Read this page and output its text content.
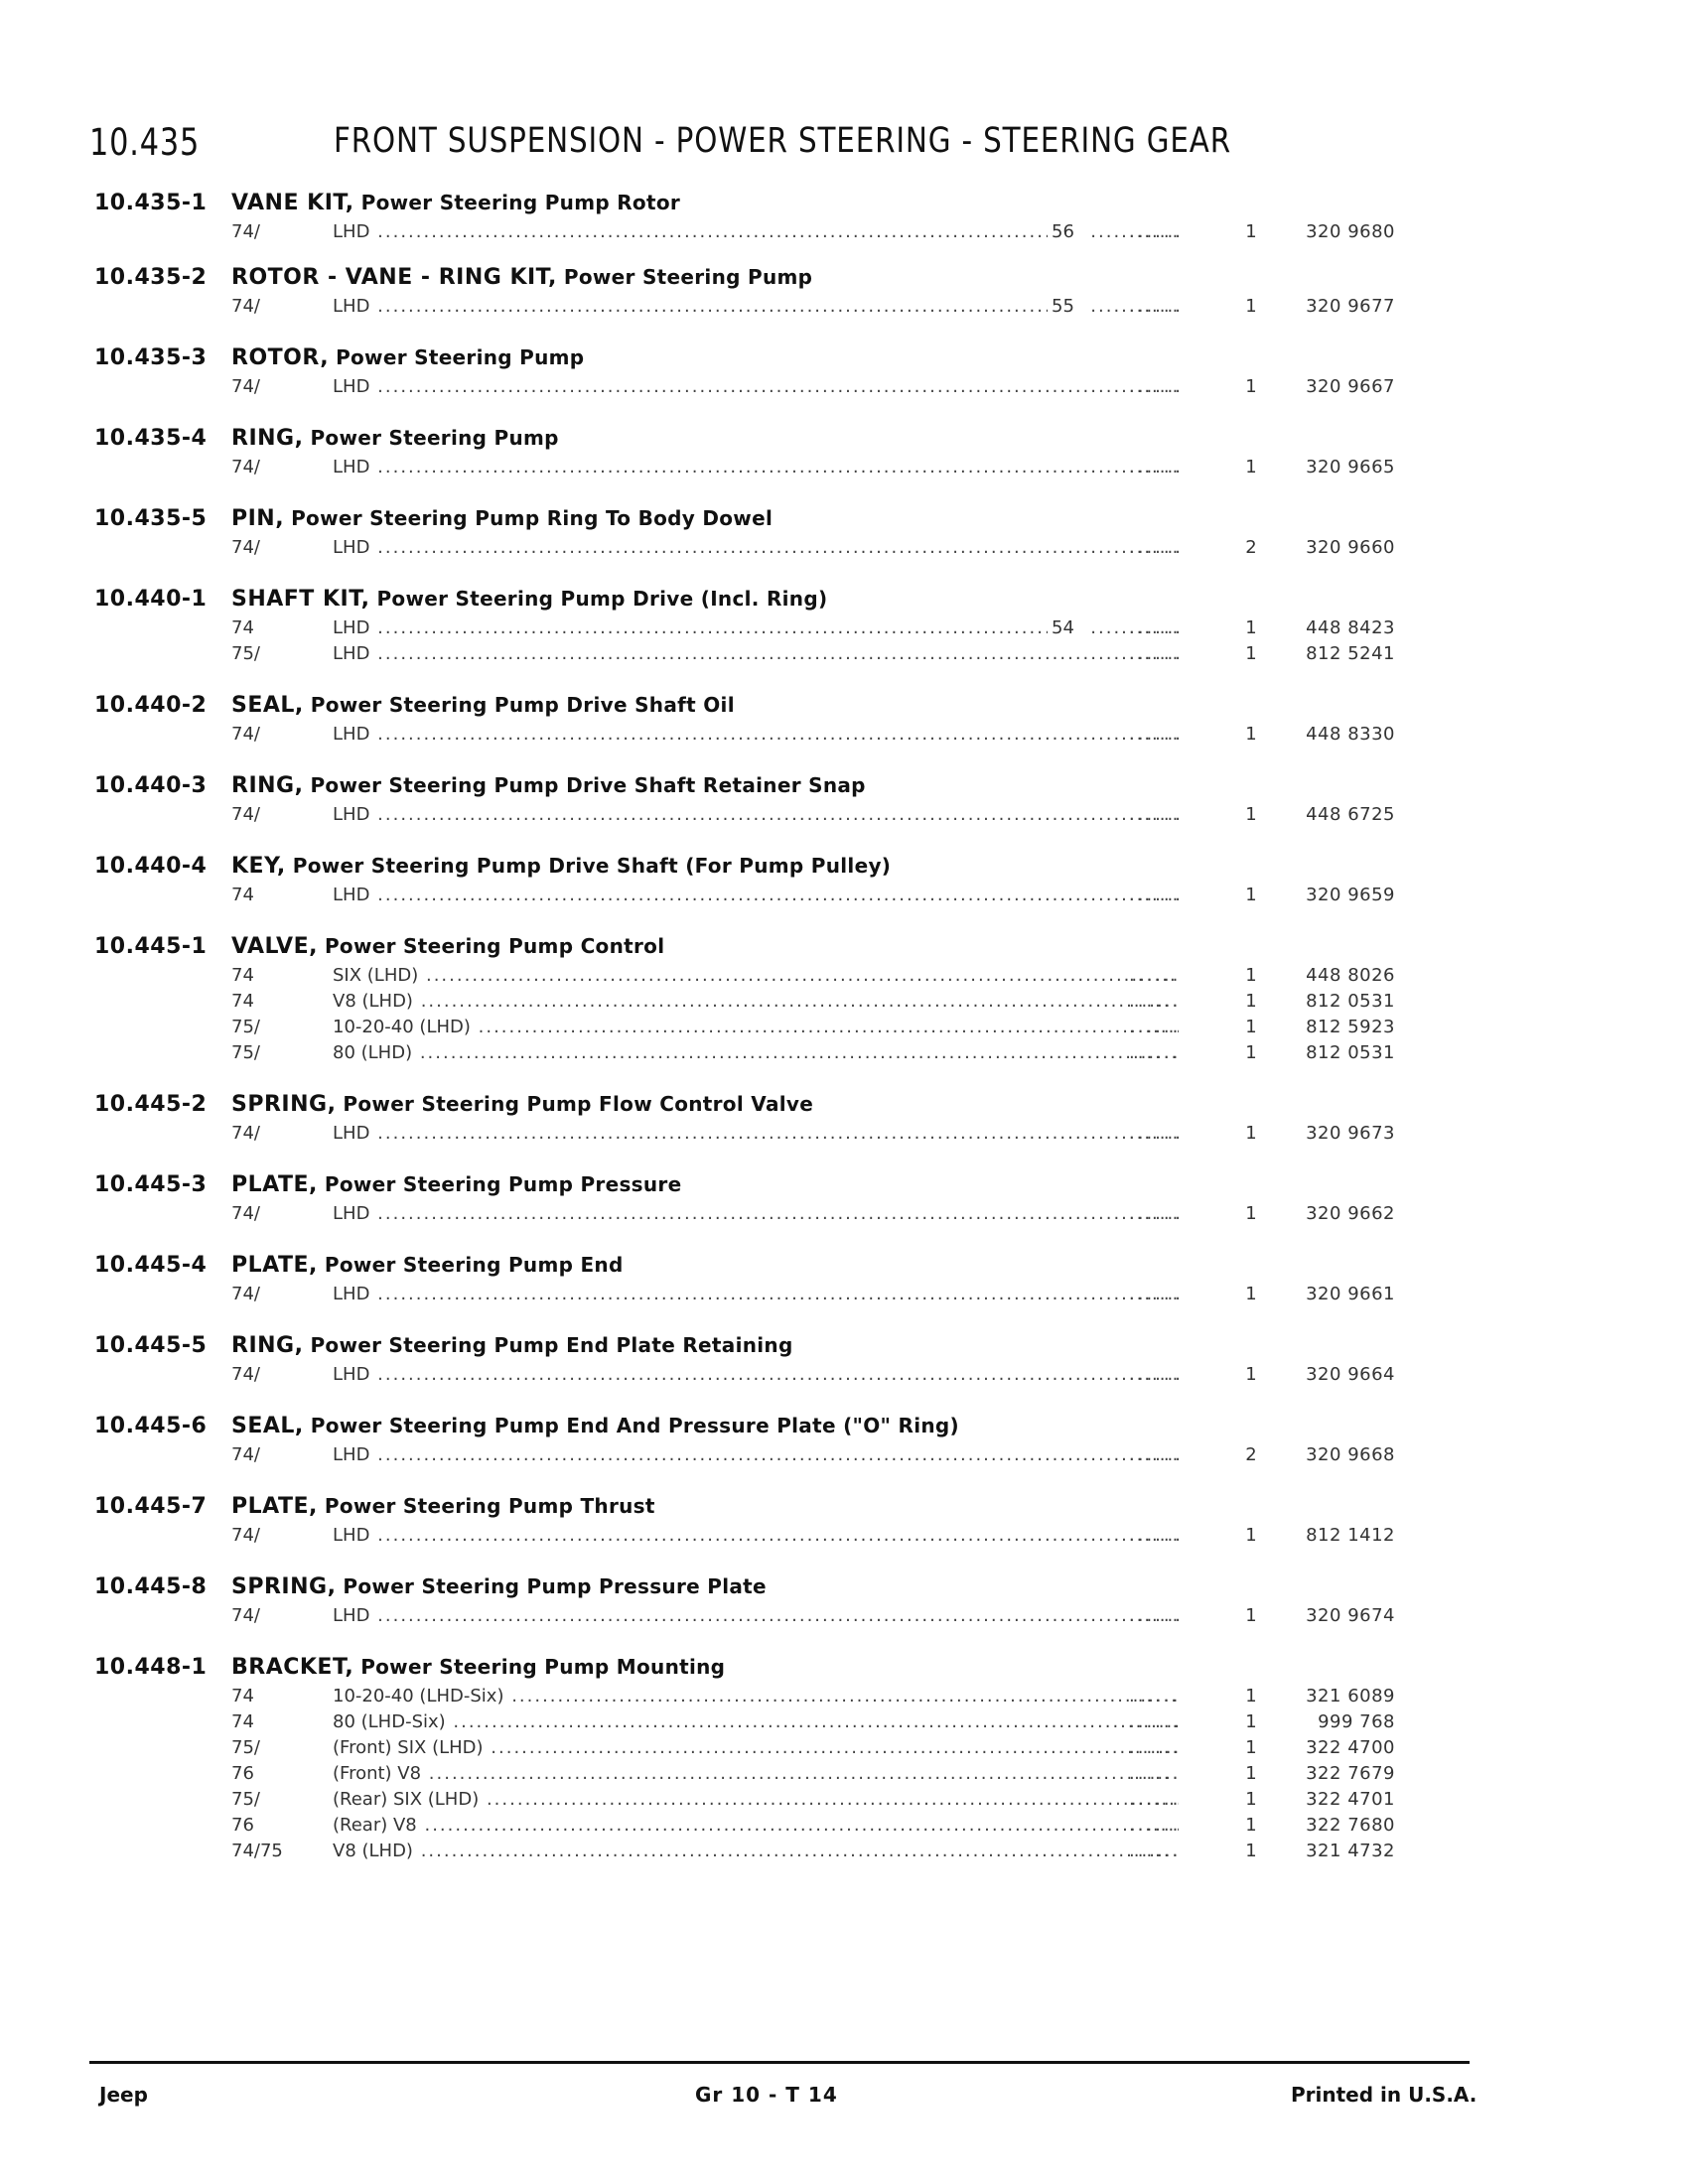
10.435	FRONT SUSPENSION - POWER STEERING - STEERING GEAR
10.435-1 VANE KIT, Power Steering Pump Rotor
74/	LHD .....	56	......	1	320 9680
10.435-2 ROTOR - VANE - RING KIT, Power Steering Pump
74/	LHD .....	55	......	1	320 9677
10.435-3 ROTOR, Power Steering Pump
74/	LHD .....	......	1	320 9667
10.435-4 RING, Power Steering Pump
74/	LHD .....	......	1	320 9665
10.435-5 PIN, Power Steering Pump Ring To Body Dowel
74/	LHD .....	......	2	320 9660
10.440-1 SHAFT KIT, Power Steering Pump Drive (Incl. Ring)
74	LHD .....	54	......	1	448 8423
75/	LHD .....	......	1	812 5241
10.440-2 SEAL, Power Steering Pump Drive Shaft Oil
74/	LHD .....	......	1	448 8330
10.440-3 RING, Power Steering Pump Drive Shaft Retainer Snap
74/	LHD .....	......	1	448 6725
10.440-4 KEY, Power Steering Pump Drive Shaft (For Pump Pulley)
74	LHD .....	......	1	320 9659
10.445-1 VALVE, Power Steering Pump Control
74	SIX (LHD) .....	......	1	448 8026
74	V8 (LHD) .....	......	1	812 0531
75/	10-20-40 (LHD) .....	......	1	812 5923
75/	80 (LHD) .....	......	1	812 0531
10.445-2 SPRING, Power Steering Pump Flow Control Valve
74/	LHD .....	......	1	320 9673
10.445-3 PLATE, Power Steering Pump Pressure
74/	LHD .....	......	1	320 9662
10.445-4 PLATE, Power Steering Pump End
74/	LHD .....	......	1	320 9661
10.445-5 RING, Power Steering Pump End Plate Retaining
74/	LHD .....	......	1	320 9664
10.445-6 SEAL, Power Steering Pump End And Pressure Plate ("O" Ring)
74/	LHD .....	......	2	320 9668
10.445-7 PLATE, Power Steering Pump Thrust
74/	LHD .....	......	1	812 1412
10.445-8 SPRING, Power Steering Pump Pressure Plate
74/	LHD .....	......	1	320 9674
10.448-1 BRACKET, Power Steering Pump Mounting
74	10-20-40 (LHD-Six) .....	......	1	321 6089
74	80 (LHD-Six) .....	......	1	999 768
75/	(Front) SIX (LHD) .....	......	1	322 4700
76	(Front) V8 .....	......	1	322 7679
75/	(Rear) SIX (LHD) .....	......	1	322 4701
76	(Rear) V8 .....	......	1	322 7680
74/75	V8 (LHD) .....	......	1	321 4732
Jeep	Gr 10 - T 14	Printed in U.S.A.
